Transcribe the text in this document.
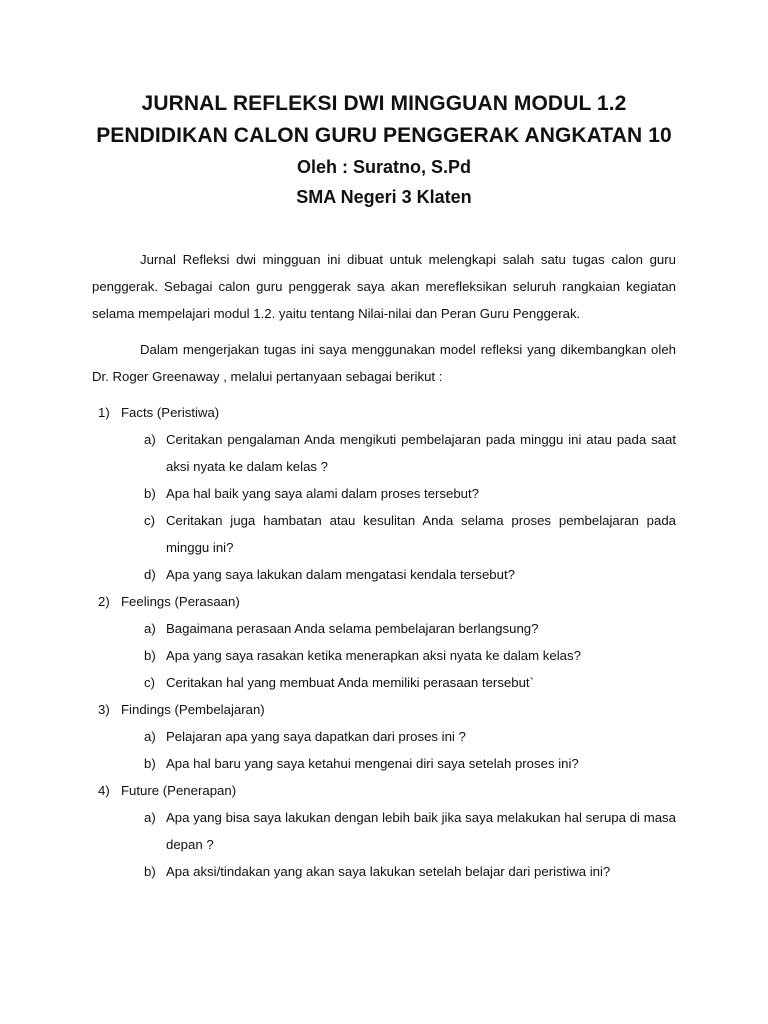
JURNAL REFLEKSI DWI MINGGUAN MODUL 1.2
PENDIDIKAN CALON GURU PENGGERAK ANGKATAN 10
Oleh : Suratno, S.Pd
SMA Negeri 3 Klaten

Jurnal Refleksi dwi mingguan ini dibuat untuk melengkapi salah satu tugas calon guru penggerak. Sebagai calon guru penggerak saya akan merefleksikan seluruh rangkaian kegiatan selama mempelajari modul 1.2. yaitu tentang Nilai-nilai dan Peran Guru Penggerak.

Dalam mengerjakan tugas ini saya menggunakan model refleksi yang dikembangkan oleh Dr. Roger Greenaway , melalui pertanyaan sebagai berikut :

1) Facts (Peristiwa)
a) Ceritakan pengalaman Anda mengikuti pembelajaran pada minggu ini atau pada saat aksi nyata ke dalam kelas ?
b) Apa hal baik yang saya alami dalam proses tersebut?
c) Ceritakan juga hambatan atau kesulitan Anda selama proses pembelajaran pada minggu ini?
d) Apa yang saya lakukan dalam mengatasi kendala tersebut?
2) Feelings (Perasaan)
a) Bagaimana perasaan Anda selama pembelajaran berlangsung?
b) Apa yang saya rasakan ketika menerapkan aksi nyata ke dalam kelas?
c) Ceritakan hal yang membuat Anda memiliki perasaan tersebut`
3) Findings (Pembelajaran)
a) Pelajaran apa yang saya dapatkan dari proses ini ?
b) Apa hal baru yang saya ketahui mengenai diri saya setelah proses ini?
4) Future (Penerapan)
a) Apa yang bisa saya lakukan dengan lebih baik jika saya melakukan hal serupa di masa depan ?
b) Apa aksi/tindakan yang akan saya lakukan setelah belajar dari peristiwa ini?
